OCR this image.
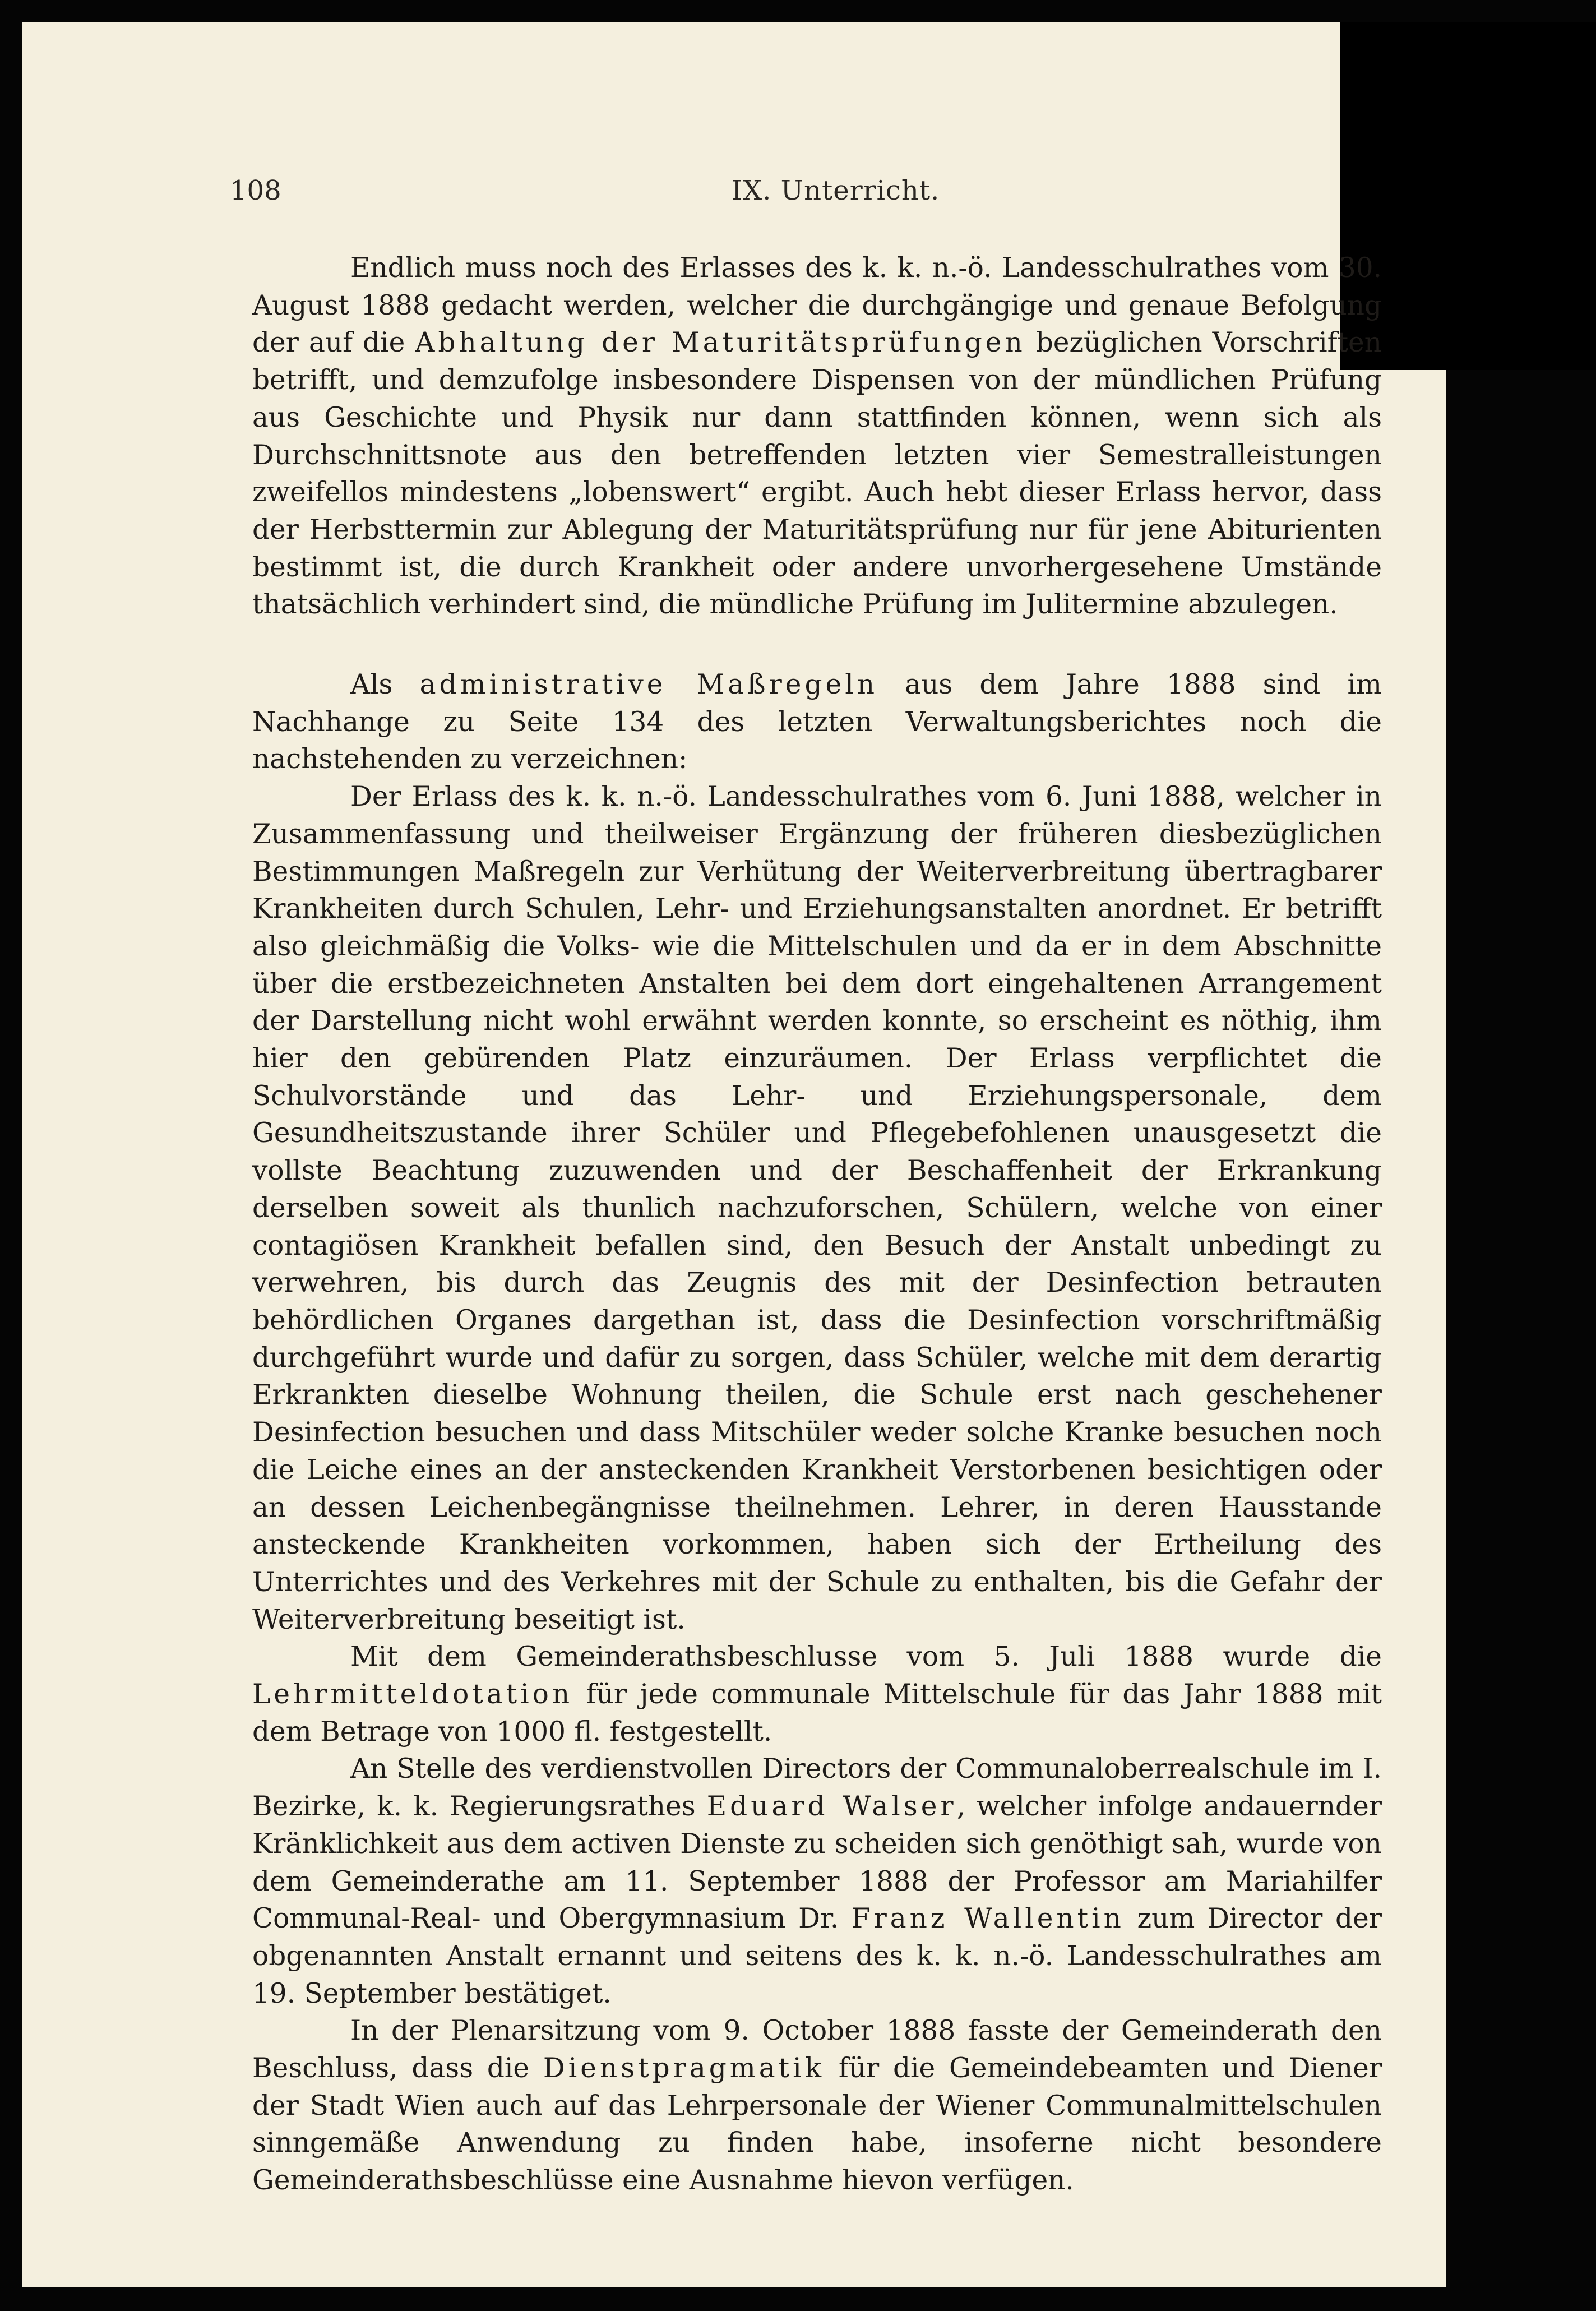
108	IX. Unterricht.

Endlich muss noch des Erlasses des k. k. n.-ö. Landesschulrathes vom 30. August 1888 gedacht werden, welcher die durchgängige und genaue Befolgung der auf die Abhaltung der Maturitätsprüfungen bezüglichen Vorschriften betrifft, und demzufolge insbesondere Dispensen von der mündlichen Prüfung aus Geschichte und Physik nur dann stattfinden können, wenn sich als Durchschnittsnote aus den betreffenden letzten vier Semestralleistungen zweifellos mindestens „lobenswert“ ergibt. Auch hebt dieser Erlass hervor, dass der Herbsttermin zur Ablegung der Maturitätsprüfung nur für jene Abiturienten bestimmt ist, die durch Krankheit oder andere unvorhergesehene Umstände thatsächlich verhindert sind, die mündliche Prüfung im Julitermine abzulegen.

Als administrative Maßregeln aus dem Jahre 1888 sind im Nachhange zu Seite 134 des letzten Verwaltungsberichtes noch die nachstehenden zu verzeichnen:

Der Erlass des k. k. n.-ö. Landesschulrathes vom 6. Juni 1888, welcher in Zusammenfassung und theilweiser Ergänzung der früheren diesbezüglichen Bestimmungen Maßregeln zur Verhütung der Weiterverbreitung übertragbarer Krankheiten durch Schulen, Lehr- und Erziehungsanstalten anordnet. Er betrifft also gleichmäßig die Volks- wie die Mittelschulen und da er in dem Abschnitte über die erstbezeichneten Anstalten bei dem dort eingehaltenen Arrangement der Darstellung nicht wohl erwähnt werden konnte, so erscheint es nöthig, ihm hier den gebürenden Platz einzuräumen. Der Erlass verpflichtet die Schulvorstände und das Lehr- und Erziehungspersonale, dem Gesundheitszustande ihrer Schüler und Pflegebefohlenen unausgesetzt die vollste Beachtung zuzuwenden und der Beschaffenheit der Erkrankung derselben soweit als thunlich nachzuforschen, Schülern, welche von einer contagiösen Krankheit befallen sind, den Besuch der Anstalt unbedingt zu verwehren, bis durch das Zeugnis des mit der Desinfection betrauten behördlichen Organes dargethan ist, dass die Desinfection vorschriftmäßig durchgeführt wurde und dafür zu sorgen, dass Schüler, welche mit dem derartig Erkrankten dieselbe Wohnung theilen, die Schule erst nach geschehener Desinfection besuchen und dass Mitschüler weder solche Kranke besuchen noch die Leiche eines an der ansteckenden Krankheit Verstorbenen besichtigen oder an dessen Leichenbegängnisse theilnehmen. Lehrer, in deren Hausstande ansteckende Krankheiten vorkommen, haben sich der Ertheilung des Unterrichtes und des Verkehres mit der Schule zu enthalten, bis die Gefahr der Weiterverbreitung beseitigt ist.

Mit dem Gemeinderathsbeschlusse vom 5. Juli 1888 wurde die Lehrmitteldotation für jede communale Mittelschule für das Jahr 1888 mit dem Betrage von 1000 fl. festgestellt.

An Stelle des verdienstvollen Directors der Communaloberrealschule im I. Bezirke, k. k. Regierungsrathes Eduard Walser, welcher infolge andauernder Kränklichkeit aus dem activen Dienste zu scheiden sich genöthigt sah, wurde von dem Gemeinderathe am 11. September 1888 der Professor am Mariahilfer Communal-Real- und Obergymnasium Dr. Franz Wallentin zum Director der obgenannten Anstalt ernannt und seitens des k. k. n.-ö. Landesschulrathes am 19. September bestätiget.

In der Plenarsitzung vom 9. October 1888 fasste der Gemeinderath den Beschluss, dass die Dienstpragmatik für die Gemeindebeamten und Diener der Stadt Wien auch auf das Lehrpersonale der Wiener Communalmittelschulen sinngemäße Anwendung zu finden habe, insoferne nicht besondere Gemeinderathsbeschlüsse eine Ausnahme hievon verfügen.
